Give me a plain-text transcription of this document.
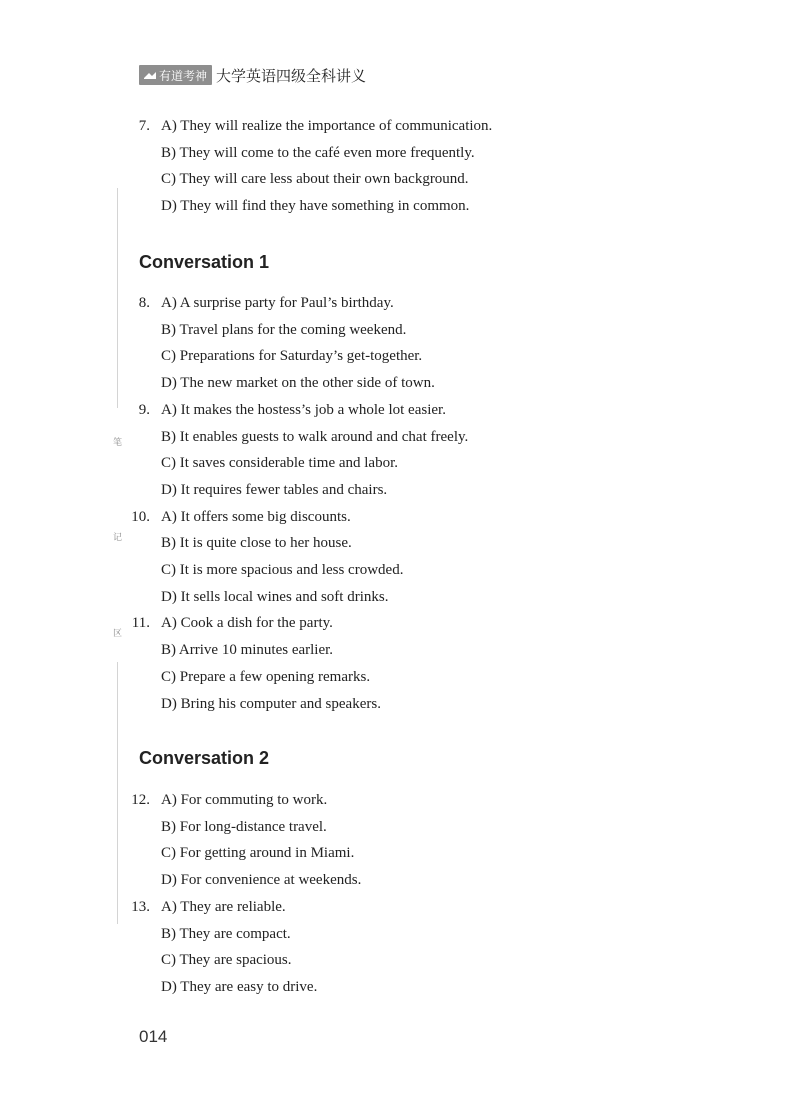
有道考神 大学英语四级全科讲义
笔
记
区
7. A) They will realize the importance of communication.
B) They will come to the café even more frequently.
C) They will care less about their own background.
D) They will find they have something in common.
Conversation 1
8. A) A surprise party for Paul’s birthday.
B) Travel plans for the coming weekend.
C) Preparations for Saturday’s get-together.
D) The new market on the other side of town.
9. A) It makes the hostess’s job a whole lot easier.
B) It enables guests to walk around and chat freely.
C) It saves considerable time and labor.
D) It requires fewer tables and chairs.
10. A) It offers some big discounts.
B) It is quite close to her house.
C) It is more spacious and less crowded.
D) It sells local wines and soft drinks.
11. A) Cook a dish for the party.
B) Arrive 10 minutes earlier.
C) Prepare a few opening remarks.
D) Bring his computer and speakers.
Conversation 2
12. A) For commuting to work.
B) For long-distance travel.
C) For getting around in Miami.
D) For convenience at weekends.
13. A) They are reliable.
B) They are compact.
C) They are spacious.
D) They are easy to drive.
014
